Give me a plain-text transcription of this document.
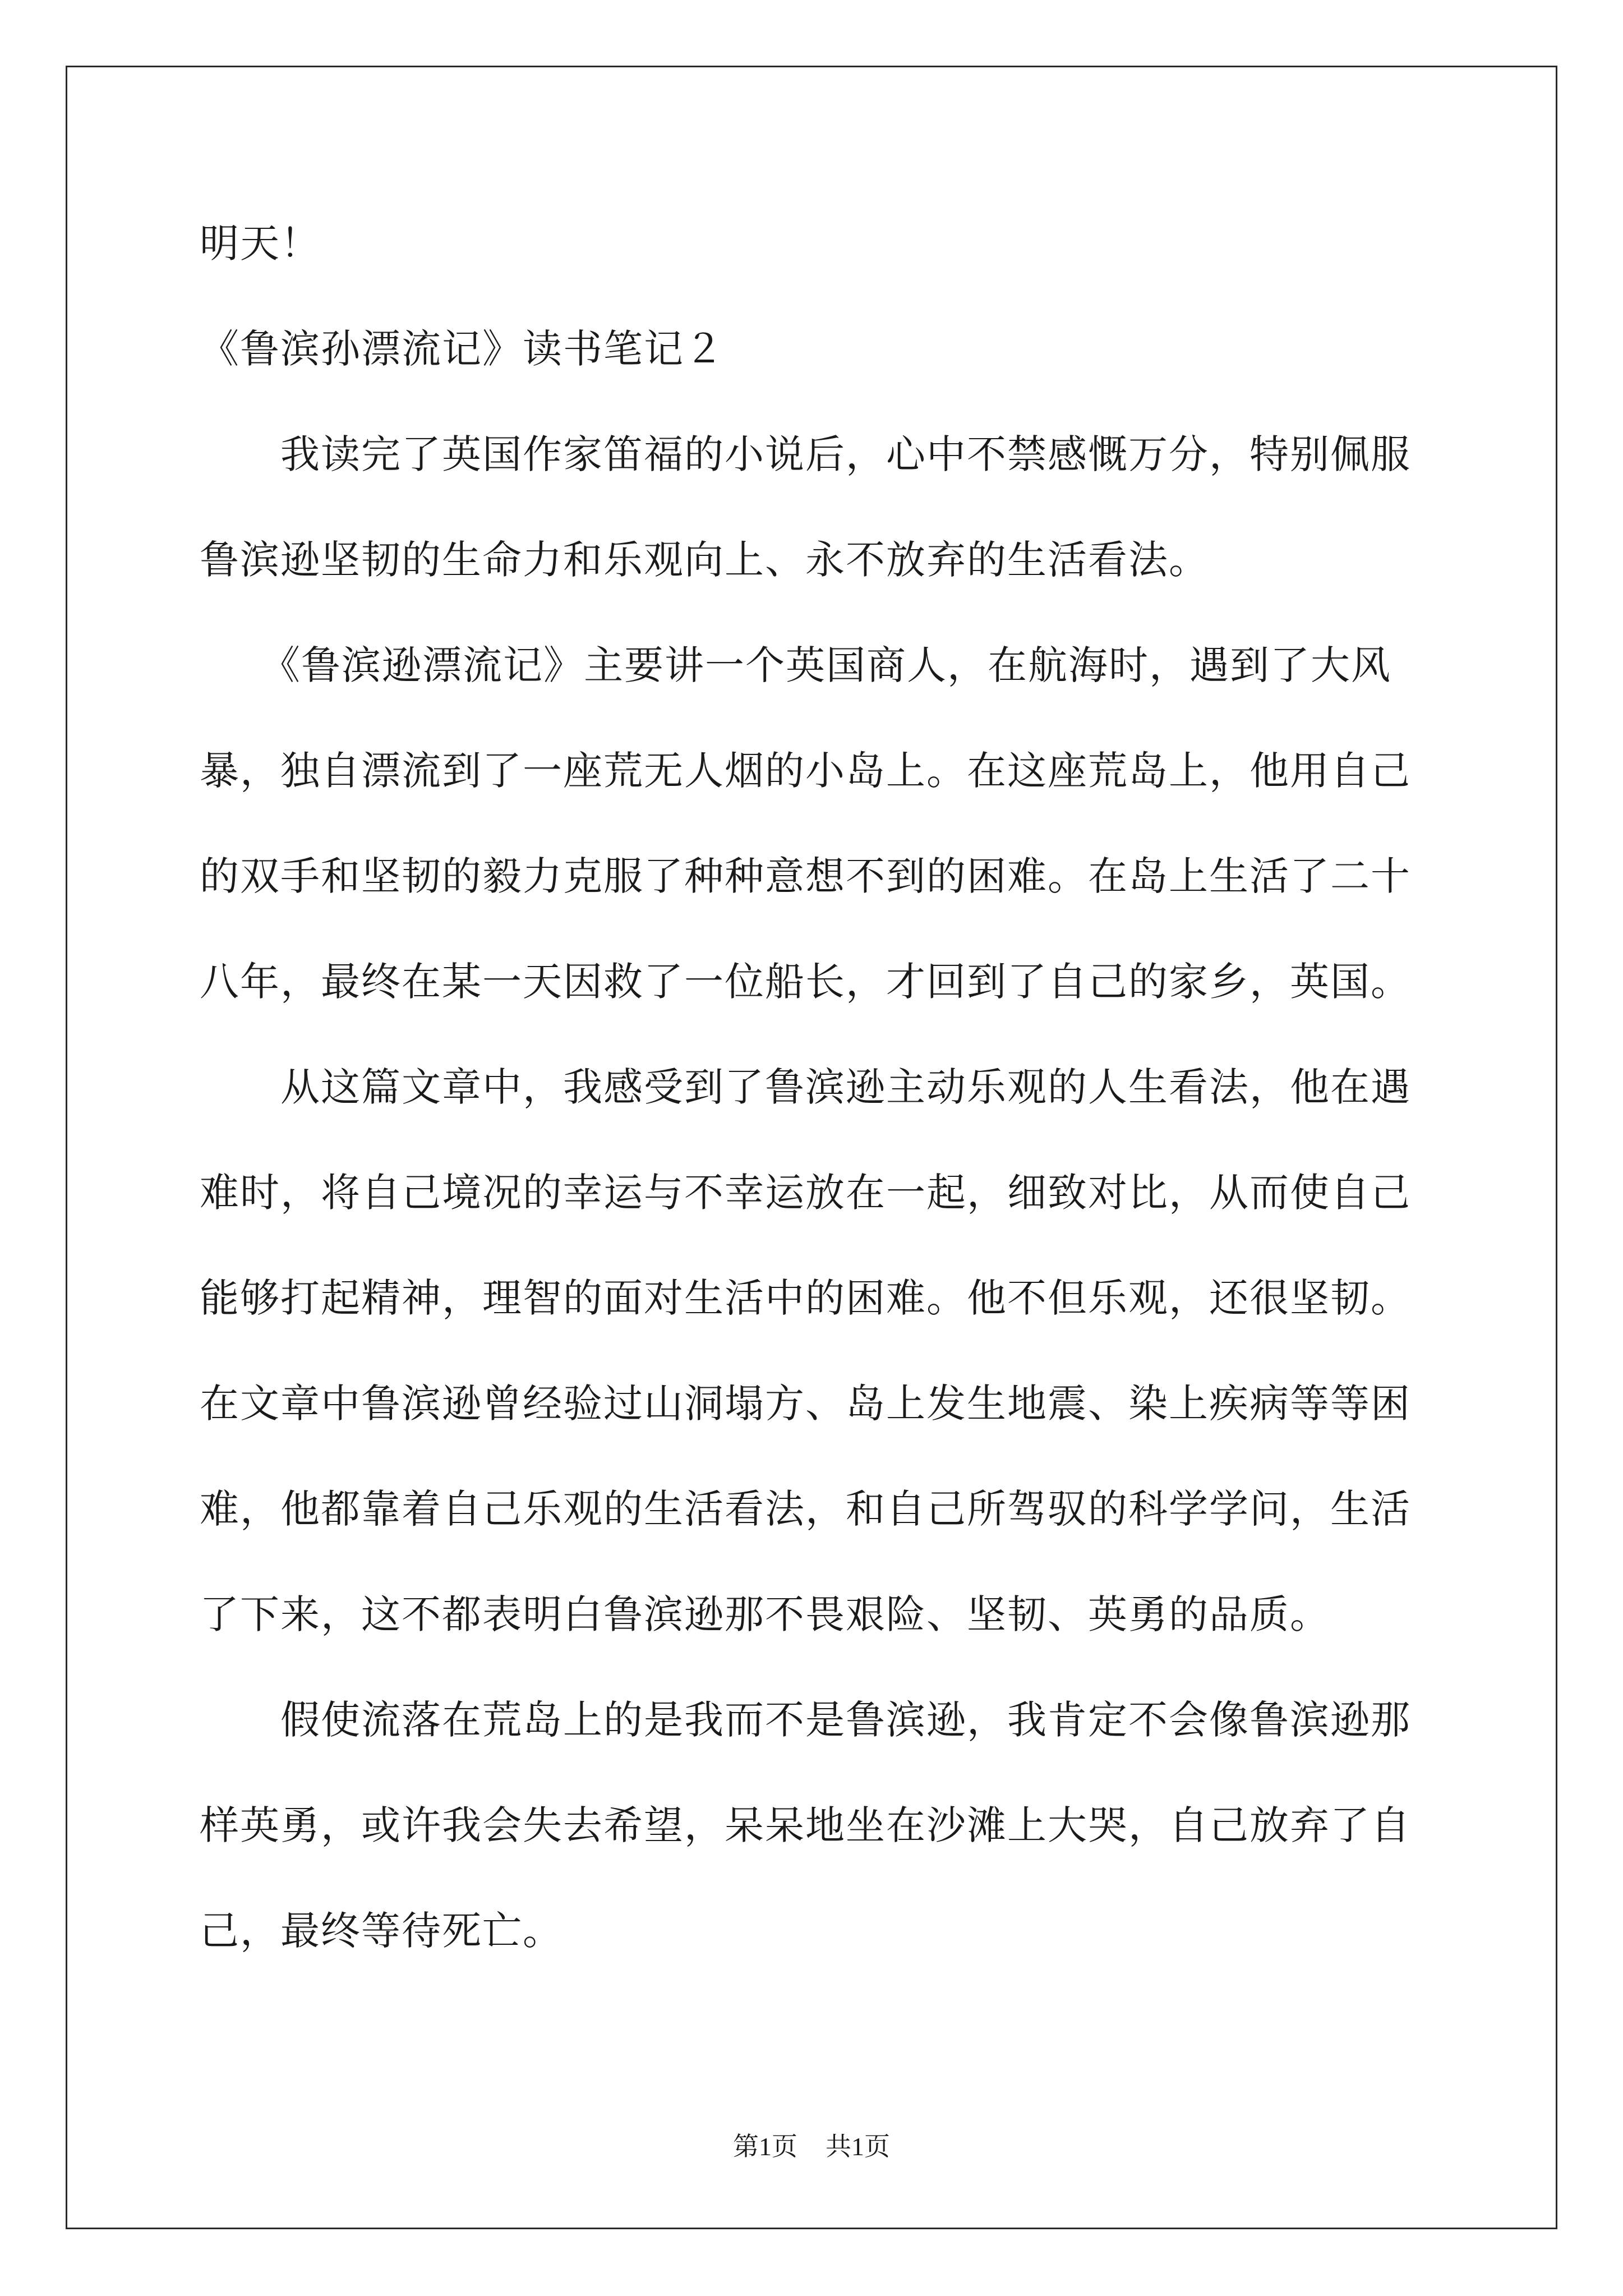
明天！

《鲁滨孙漂流记》读书笔记２

　　我读完了英国作家笛福的小说后，心中不禁感慨万分，特别佩服

鲁滨逊坚韧的生命力和乐观向上、永不放弃的生活看法。

　　《鲁滨逊漂流记》主要讲一个英国商人，在航海时，遇到了大风

暴，独自漂流到了一座荒无人烟的小岛上。在这座荒岛上，他用自己

的双手和坚韧的毅力克服了种种意想不到的困难。在岛上生活了二十

八年，最终在某一天因救了一位船长，才回到了自己的家乡，英国。

　　从这篇文章中，我感受到了鲁滨逊主动乐观的人生看法，他在遇

难时，将自己境况的幸运与不幸运放在一起，细致对比，从而使自己

能够打起精神，理智的面对生活中的困难。他不但乐观，还很坚韧。

在文章中鲁滨逊曾经验过山洞塌方、岛上发生地震、染上疾病等等困

难，他都靠着自己乐观的生活看法，和自己所驾驭的科学学问，生活

了下来，这不都表明白鲁滨逊那不畏艰险、坚韧、英勇的品质。

　　假使流落在荒岛上的是我而不是鲁滨逊，我肯定不会像鲁滨逊那

样英勇，或许我会失去希望，呆呆地坐在沙滩上大哭，自己放弃了自

己，最终等待死亡。

第1页 共1页
